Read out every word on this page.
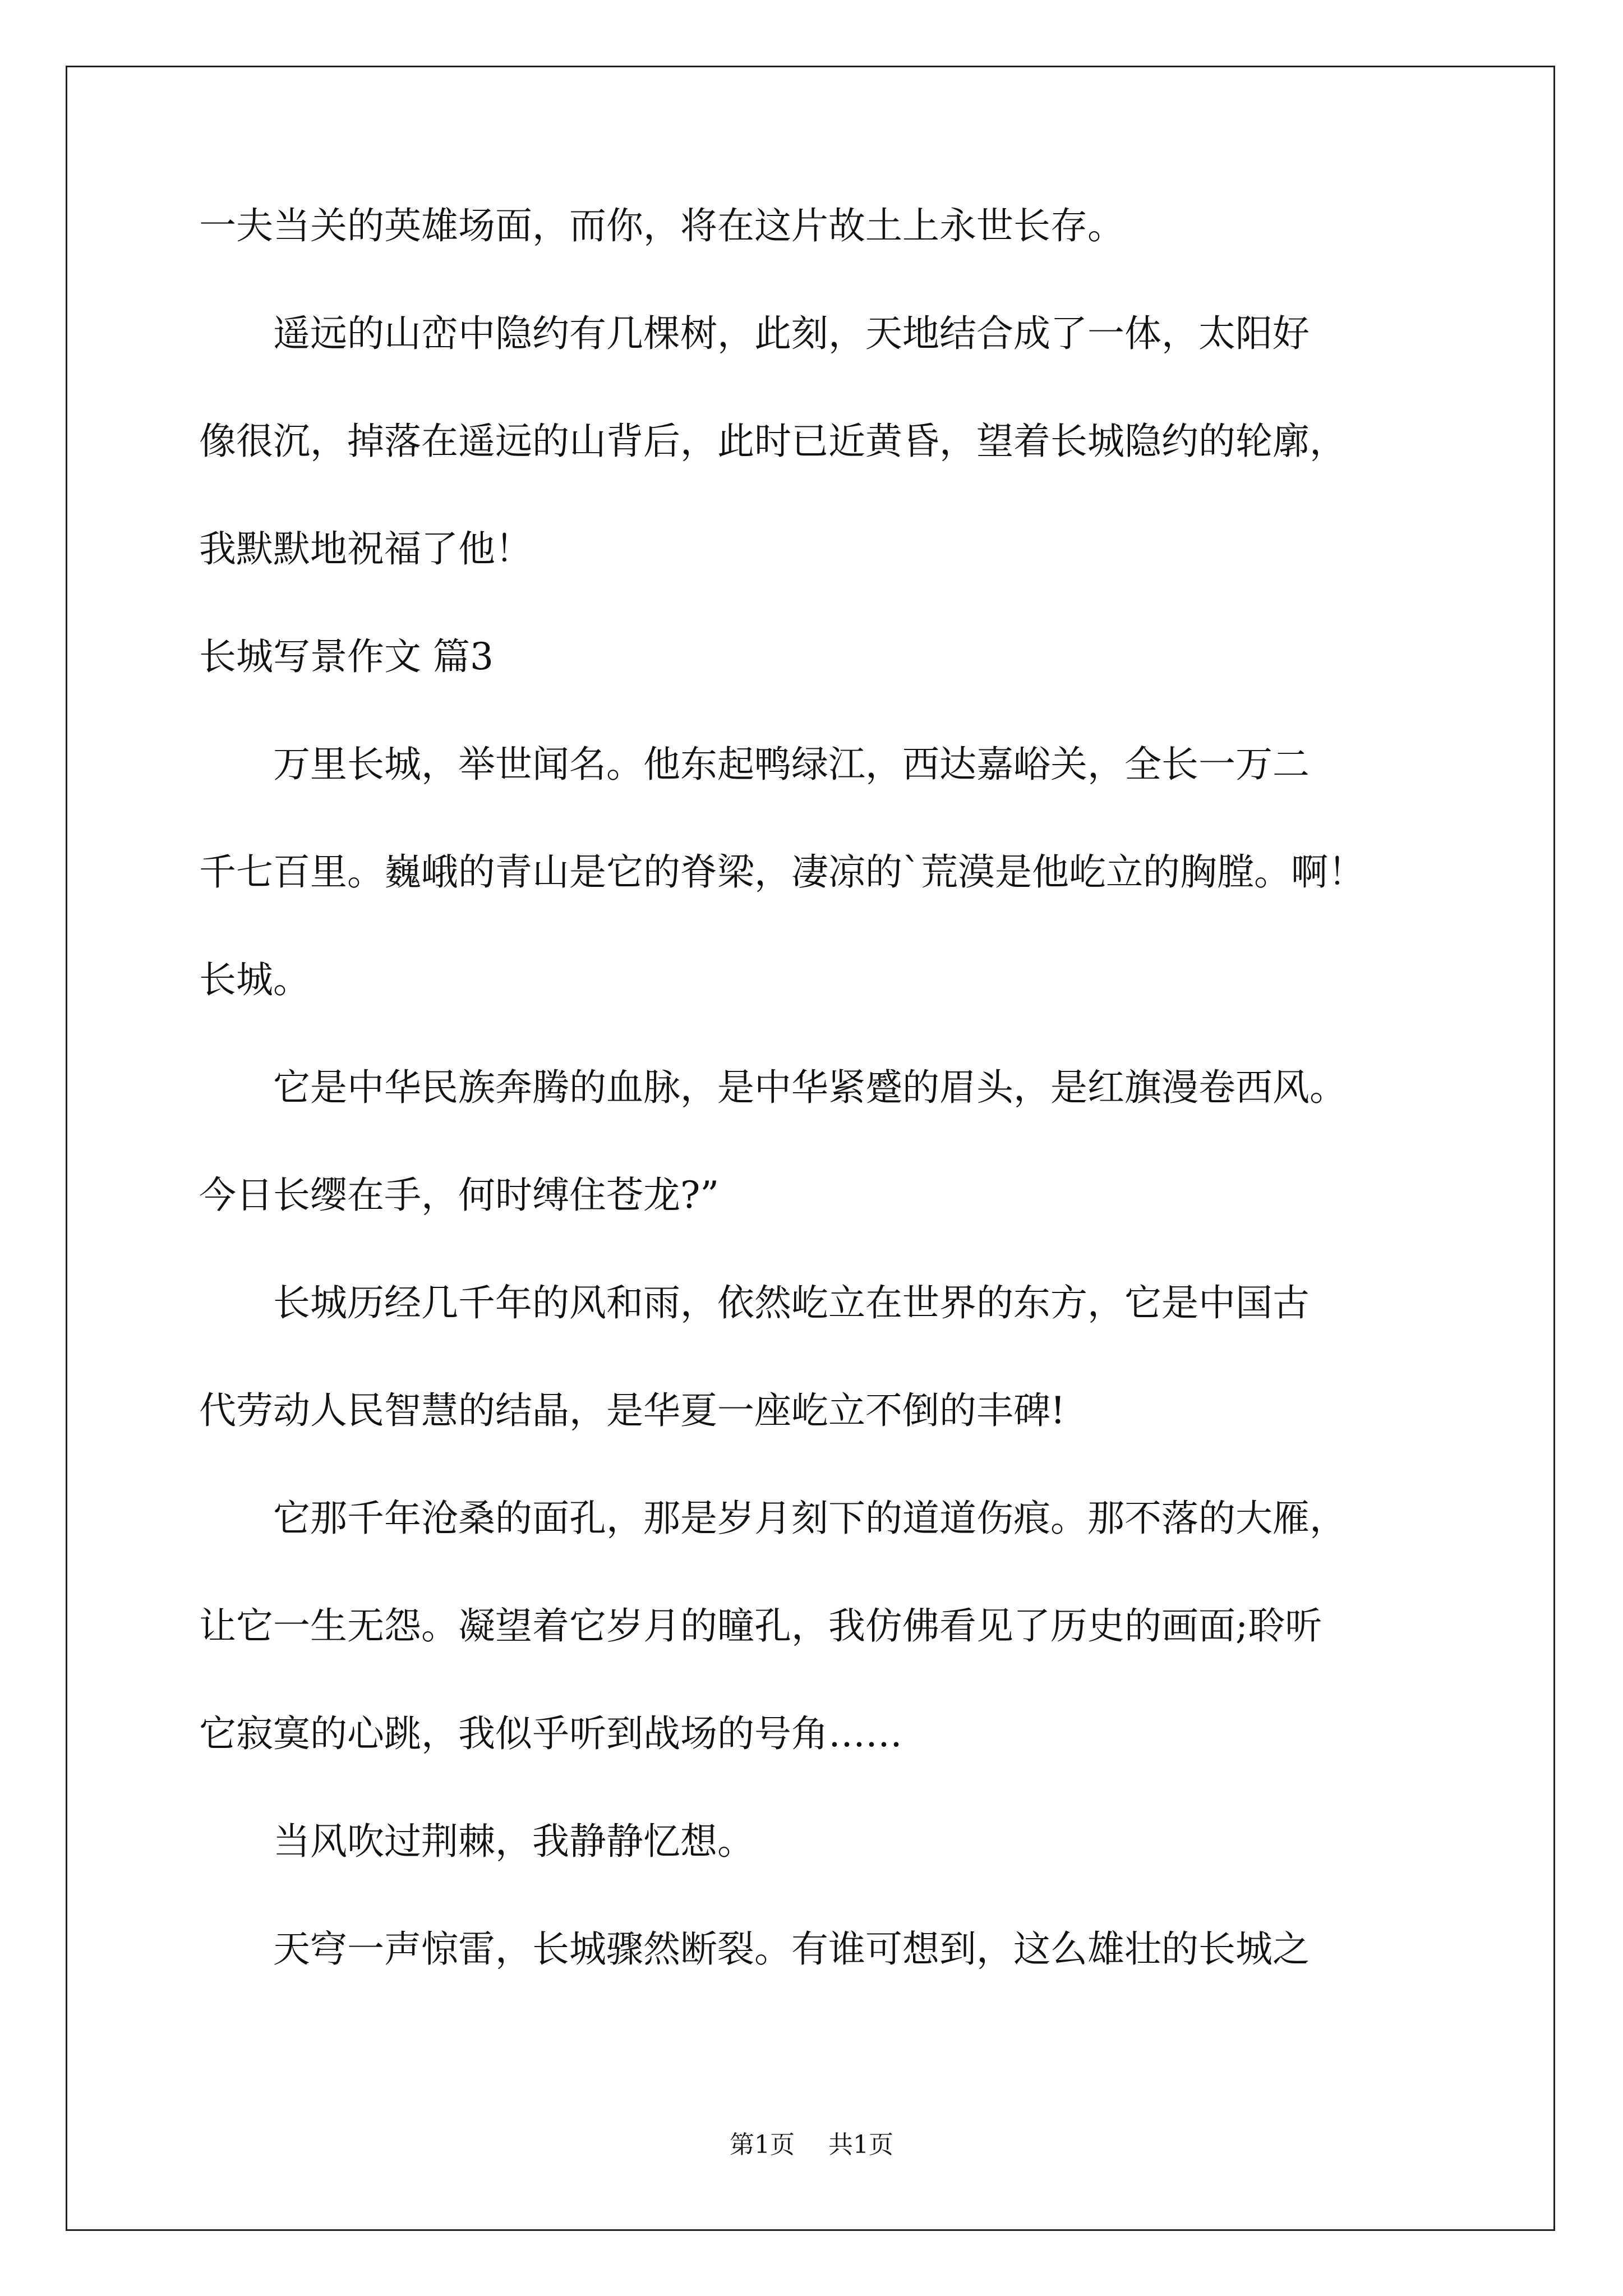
一夫当关的英雄场面，而你，将在这片故土上永世长存。

　　遥远的山峦中隐约有几棵树，此刻，天地结合成了一体，太阳好

像很沉，掉落在遥远的山背后，此时已近黄昏，望着长城隐约的轮廓，

我默默地祝福了他！

长城写景作文 篇3

　　万里长城，举世闻名。他东起鸭绿江，西达嘉峪关，全长一万二

千七百里。巍峨的青山是它的脊梁，凄凉的`荒漠是他屹立的胸膛。啊！

长城。

　　它是中华民族奔腾的血脉，是中华紧蹙的眉头，是红旗漫卷西风。

今日长缨在手，何时缚住苍龙?”

　　长城历经几千年的风和雨，依然屹立在世界的东方，它是中国古

代劳动人民智慧的结晶，是华夏一座屹立不倒的丰碑!

　　它那千年沧桑的面孔，那是岁月刻下的道道伤痕。那不落的大雁，

让它一生无怨。凝望着它岁月的瞳孔，我仿佛看见了历史的画面;聆听

它寂寞的心跳，我似乎听到战场的号角……

　　当风吹过荆棘，我静静忆想。

　　天穹一声惊雷，长城骤然断裂。有谁可想到，这么雄壮的长城之

第1页 共1页
